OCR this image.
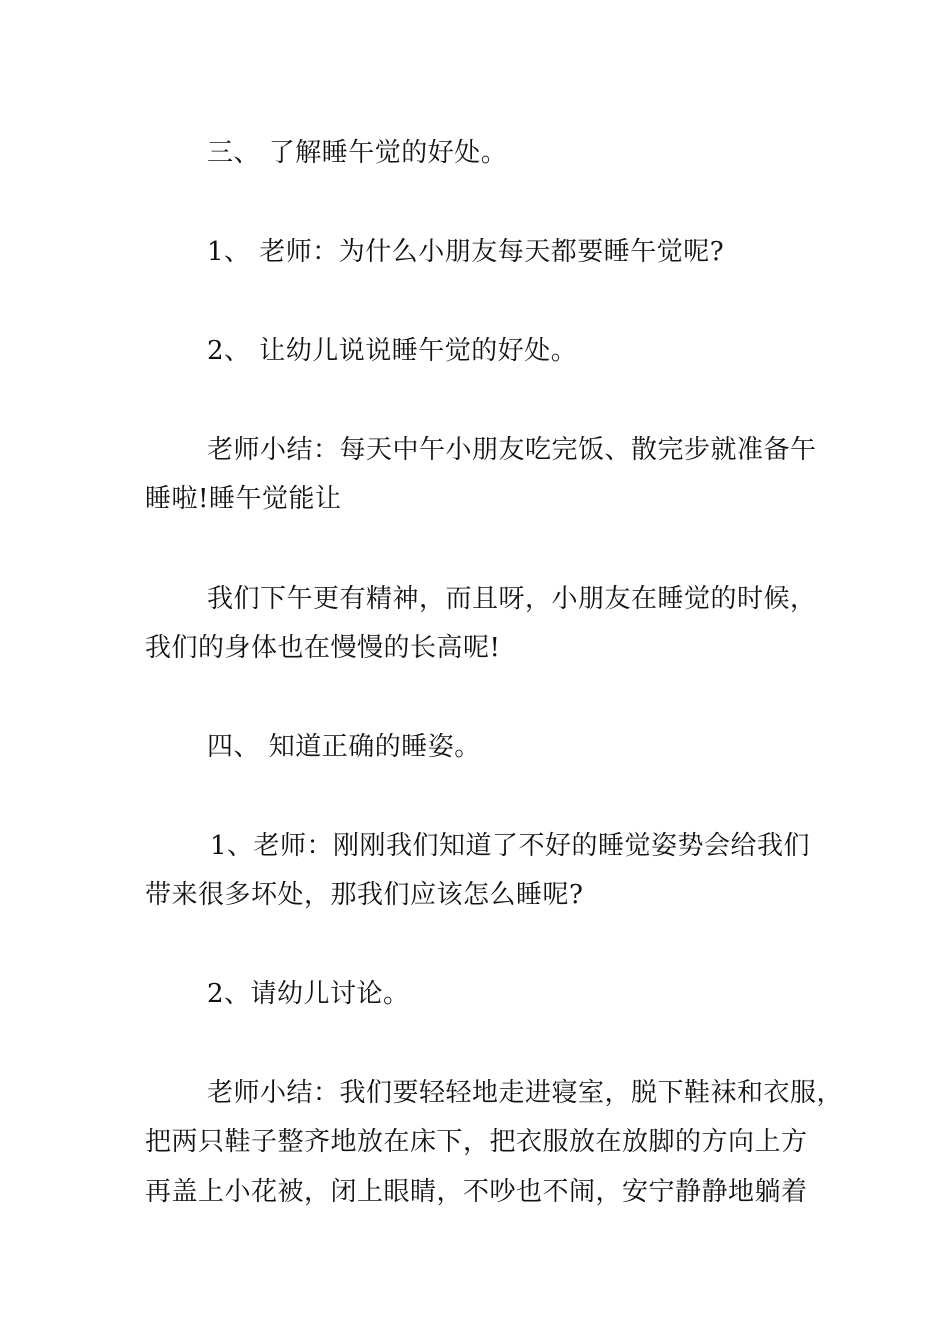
三、 了解睡午觉的好处。
1、 老师：为什么小朋友每天都要睡午觉呢?
2、 让幼儿说说睡午觉的好处。
老师小结：每天中午小朋友吃完饭、散完步就准备午
睡啦!睡午觉能让
我们下午更有精神，而且呀，小朋友在睡觉的时候，
我们的身体也在慢慢的长高呢!
四、 知道正确的睡姿。
1、老师：刚刚我们知道了不好的睡觉姿势会给我们
带来很多坏处，那我们应该怎么睡呢?
2、请幼儿讨论。
老师小结：我们要轻轻地走进寝室，脱下鞋袜和衣服，
把两只鞋子整齐地放在床下，把衣服放在放脚的方向上方
再盖上小花被，闭上眼睛，不吵也不闹，安宁静静地躺着
